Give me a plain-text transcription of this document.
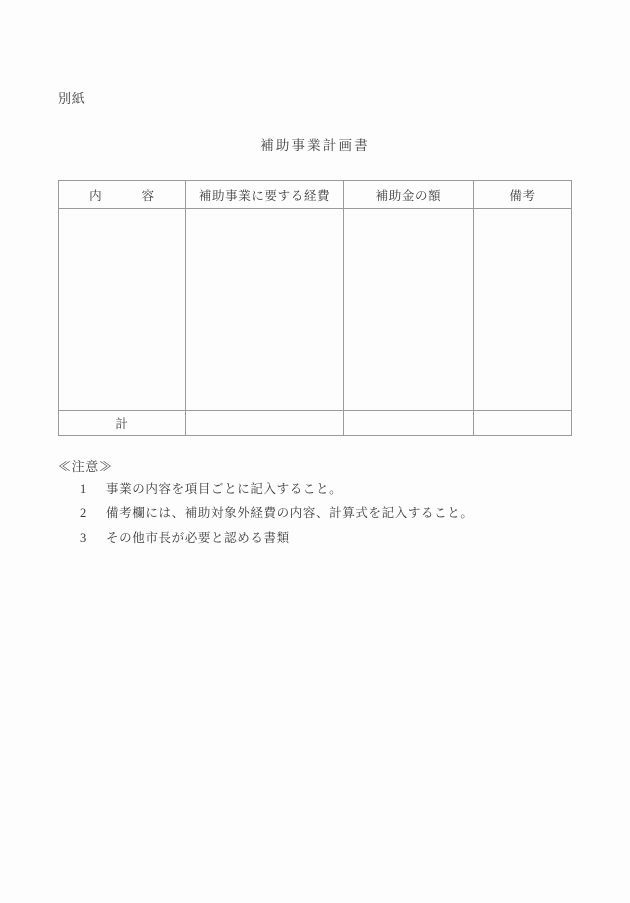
別紙
補助事業計画書
内　　　容	補助事業に要する経費	補助金の額	備考

計			
≪注意≫
1	事業の内容を項目ごとに記入すること。
2	備考欄には、補助対象外経費の内容、計算式を記入すること。
3	その他市長が必要と認める書類
